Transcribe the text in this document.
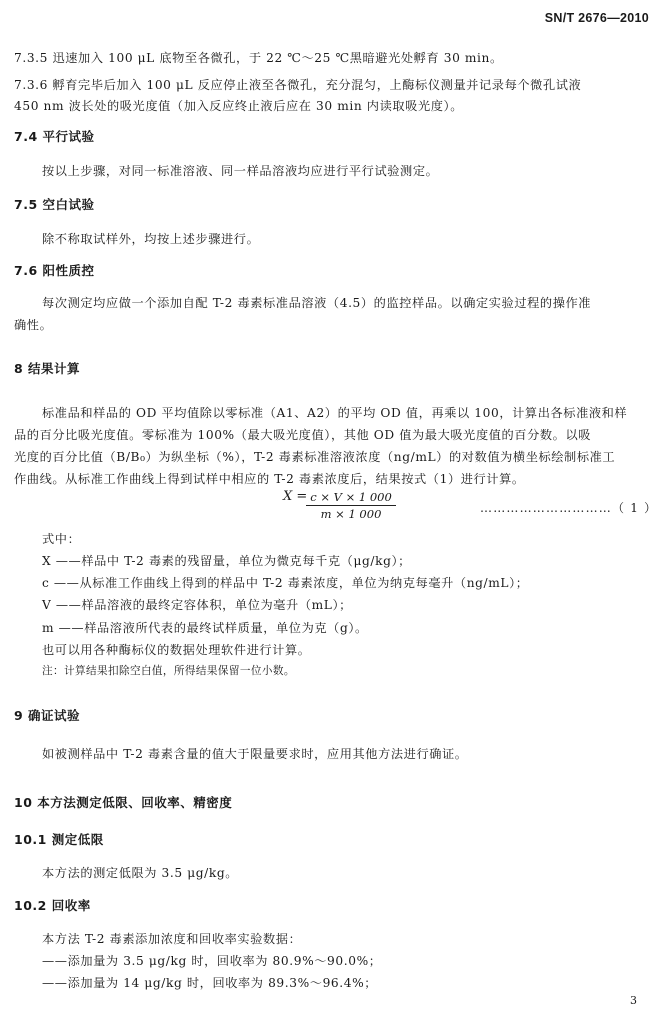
SN/T 2676—2010
7.3.5 迅速加入 100 μL 底物至各微孔，于 22 ℃～25 ℃黑暗避光处孵育 30 min。
7.3.6 孵育完毕后加入 100 μL 反应停止液至各微孔，充分混匀，上酶标仪测量并记录每个微孔试液
450 nm 波长处的吸光度值（加入反应终止液后应在 30 min 内读取吸光度）。
7.4 平行试验
按以上步骤，对同一标准溶液、同一样品溶液均应进行平行试验测定。
7.5 空白试验
除不称取试样外，均按上述步骤进行。
7.6 阳性质控
每次测定均应做一个添加自配 T-2 毒素标准品溶液（4.5）的监控样品。以确定实验过程的操作准
确性。
8 结果计算
标准品和样品的 OD 平均值除以零标准（A1、A2）的平均 OD 值，再乘以 100，计算出各标准液和样
品的百分比吸光度值。零标准为 100%（最大吸光度值），其他 OD 值为最大吸光度值的百分数。以吸
光度的百分比值（B/B₀）为纵坐标（%），T-2 毒素标准溶液浓度（ng/mL）的对数值为横坐标绘制标准工
作曲线。从标准工作曲线上得到试样中相应的 T-2 毒素浓度后，结果按式（1）进行计算。
X =
$\frac{c \times V \times 1 000}{m \times 1 000}$	…………………………（ 1 ）
式中：
X ——样品中 T-2 毒素的残留量，单位为微克每千克（μg/kg）；
c ——从标准工作曲线上得到的样品中 T-2 毒素浓度，单位为纳克每毫升（ng/mL）；
V ——样品溶液的最终定容体积，单位为毫升（mL）；
m ——样品溶液所代表的最终试样质量，单位为克（g）。
也可以用各种酶标仪的数据处理软件进行计算。
注：计算结果扣除空白值，所得结果保留一位小数。
9 确证试验
如被测样品中 T-2 毒素含量的值大于限量要求时，应用其他方法进行确证。
10 本方法测定低限、回收率、精密度
10.1 测定低限
本方法的测定低限为 3.5 μg/kg。
10.2 回收率
本方法 T-2 毒素添加浓度和回收率实验数据：
——添加量为 3.5 μg/kg 时，回收率为 80.9%～90.0%；
——添加量为 14 μg/kg 时，回收率为 89.3%～96.4%；
3
